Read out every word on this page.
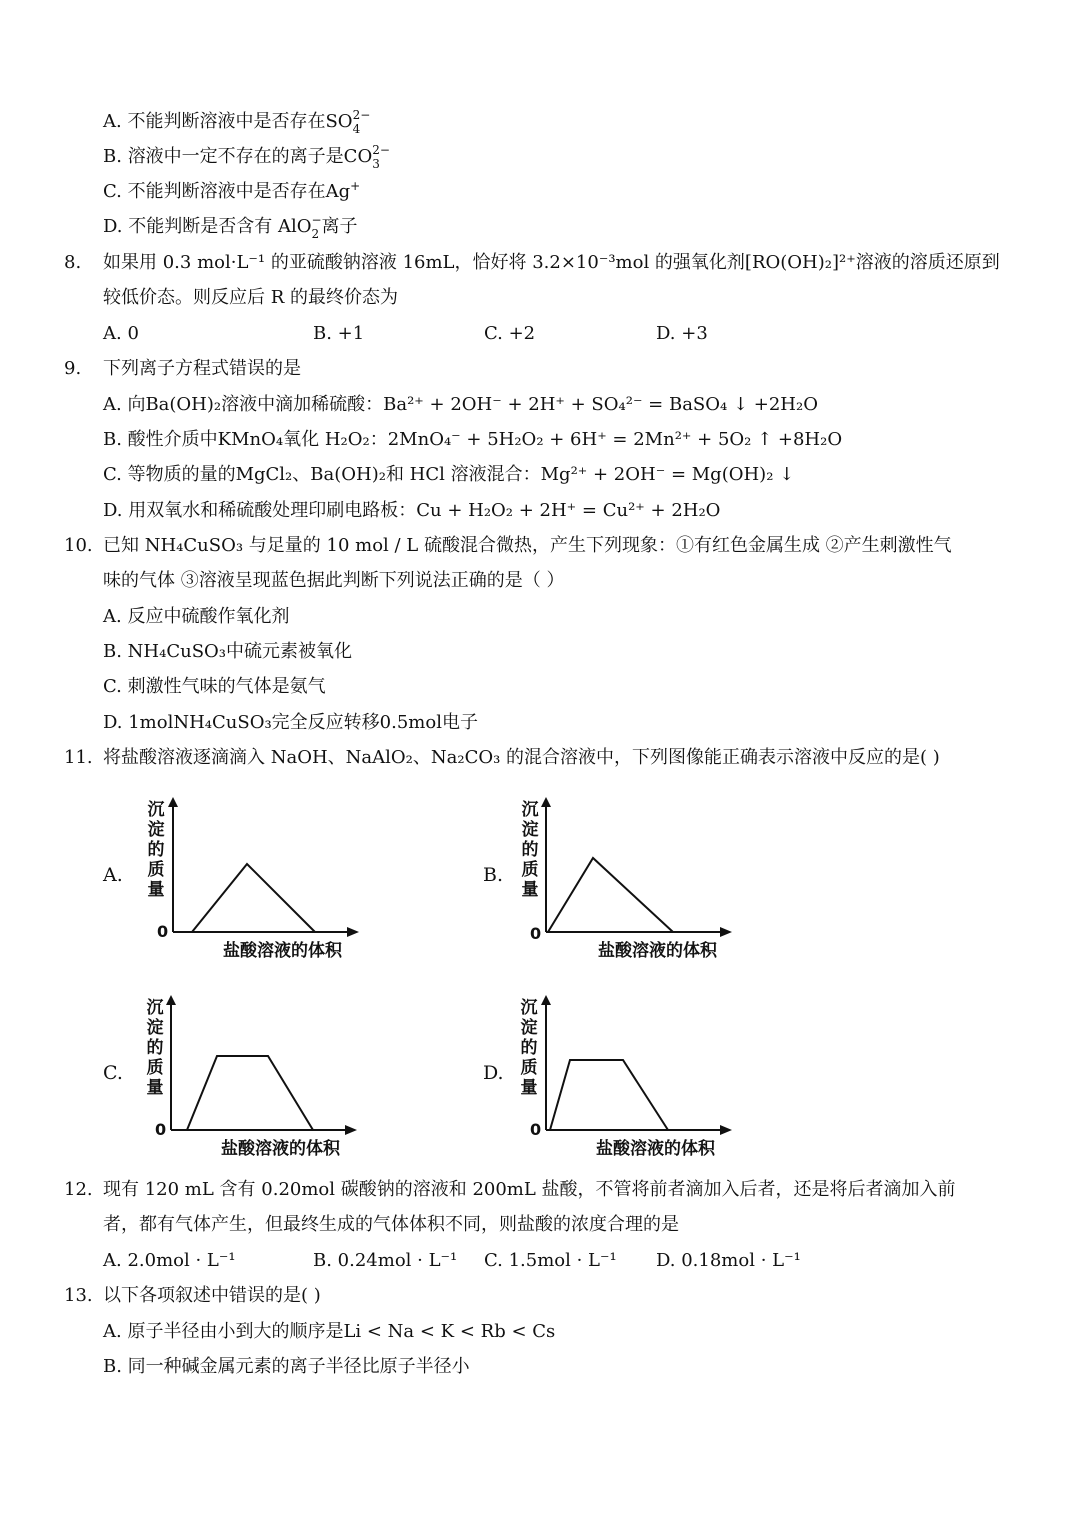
A. 不能判断溶液中是否存在SO 2−
4
B. 溶液中一定不存在的离子是CO 2−
3
C. 不能判断溶液中是否存在Ag+
D. 不能判断是否含有 AlO −
2 离子
8. 如果用 0.3 mol·L⁻¹ 的亚硫酸钠溶液 16mL，恰好将 3.2×10⁻³mol 的强氧化剂[RO(OH)₂]²⁺溶液的溶质还原到
较低价态。则反应后 R 的最终价态为
A. 0	B. +1	C. +2	D. +3
9. 下列离子方程式错误的是
A. 向Ba(OH)₂溶液中滴加稀硫酸：Ba²⁺ + 2OH⁻ + 2H⁺ + SO₄²⁻ = BaSO₄ ↓ +2H₂O
B. 酸性介质中KMnO₄氧化 H₂O₂：2MnO₄⁻ + 5H₂O₂ + 6H⁺ = 2Mn²⁺ + 5O₂ ↑ +8H₂O
C. 等物质的量的MgCl₂、Ba(OH)₂和 HCl 溶液混合：Mg²⁺ + 2OH⁻ = Mg(OH)₂ ↓
D. 用双氧水和稀硫酸处理印刷电路板：Cu + H₂O₂ + 2H⁺ = Cu²⁺ + 2H₂O
10. 已知 NH₄CuSO₃ 与足量的 10 mol / L 硫酸混合微热，产生下列现象：①有红色金属生成 ②产生刺激性气
味的气体 ③溶液呈现蓝色据此判断下列说法正确的是（ ）
A. 反应中硫酸作氧化剂
B. NH₄CuSO₃中硫元素被氧化
C. 刺激性气味的气体是氨气
D. 1molNH₄CuSO₃完全反应转移0.5mol电子
11. 将盐酸溶液逐滴滴入 NaOH、NaAlO₂、Na₂CO₃ 的混合溶液中，下列图像能正确表示溶液中反应的是( )
A.
沉
淀
的
质
量
0
盐酸溶液的体积
B.
沉
淀
的
质
量
0
盐酸溶液的体积
C.
沉
淀
的
质
量
0
盐酸溶液的体积
D.
沉
淀
的
质
量
0
盐酸溶液的体积
12. 现有 120 mL 含有 0.20mol 碳酸钠的溶液和 200mL 盐酸，不管将前者滴加入后者，还是将后者滴加入前
者，都有气体产生，但最终生成的气体体积不同，则盐酸的浓度合理的是
A. 2.0mol · L⁻¹	B. 0.24mol · L⁻¹ C. 1.5mol · L⁻¹ D. 0.18mol · L⁻¹
13. 以下各项叙述中错误的是( )
A. 原子半径由小到大的顺序是Li < Na < K < Rb < Cs
B. 同一种碱金属元素的离子半径比原子半径小
